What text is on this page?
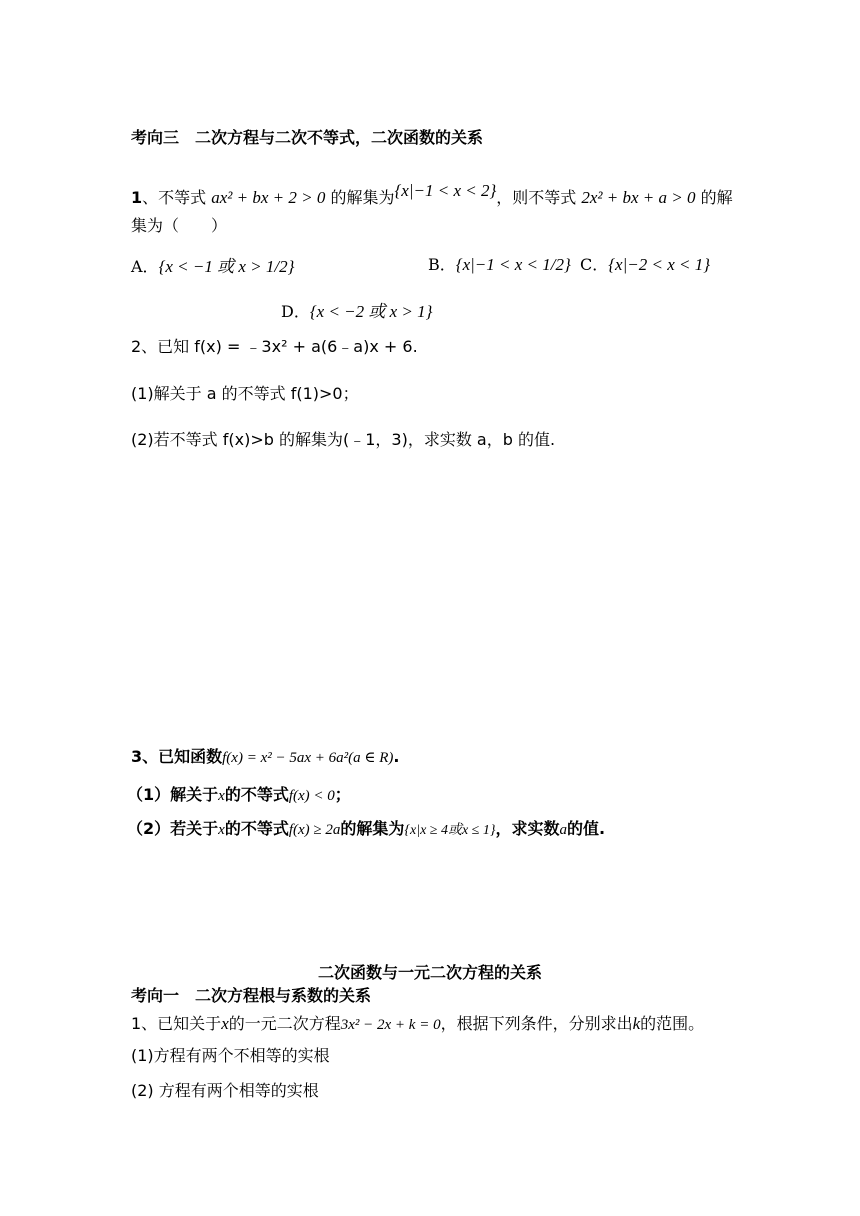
考向三　二次方程与二次不等式，二次函数的关系
1、不等式 ax² + bx + 2 > 0 的解集为{x|−1 < x < 2}，则不等式 2x² + bx + a > 0 的解
集为（　　）
A．{x < −1 或 x > 1/2}	B．{x|−1 < x < 1/2} C．{x|−2 < x < 1}
D．{x < −2 或 x > 1}
2、已知 f(x) = ﹣3x² + a(6﹣a)x + 6.
(1)解关于 a 的不等式 f(1)>0；
(2)若不等式 f(x)>b 的解集为(﹣1，3)，求实数 a，b 的值.
3、已知函数f(x) = x² − 5ax + 6a²(a ∈ R).
（1）解关于x的不等式f(x) < 0；
（2）若关于x的不等式f(x) ≥ 2a的解集为{x|x ≥ 4或x ≤ 1}，求实数a的值.
二次函数与一元二次方程的关系
考向一　二次方程根与系数的关系
1、已知关于x的一元二次方程3x² − 2x + k = 0，根据下列条件，分别求出k的范围。
(1)方程有两个不相等的实根
(2) 方程有两个相等的实根
